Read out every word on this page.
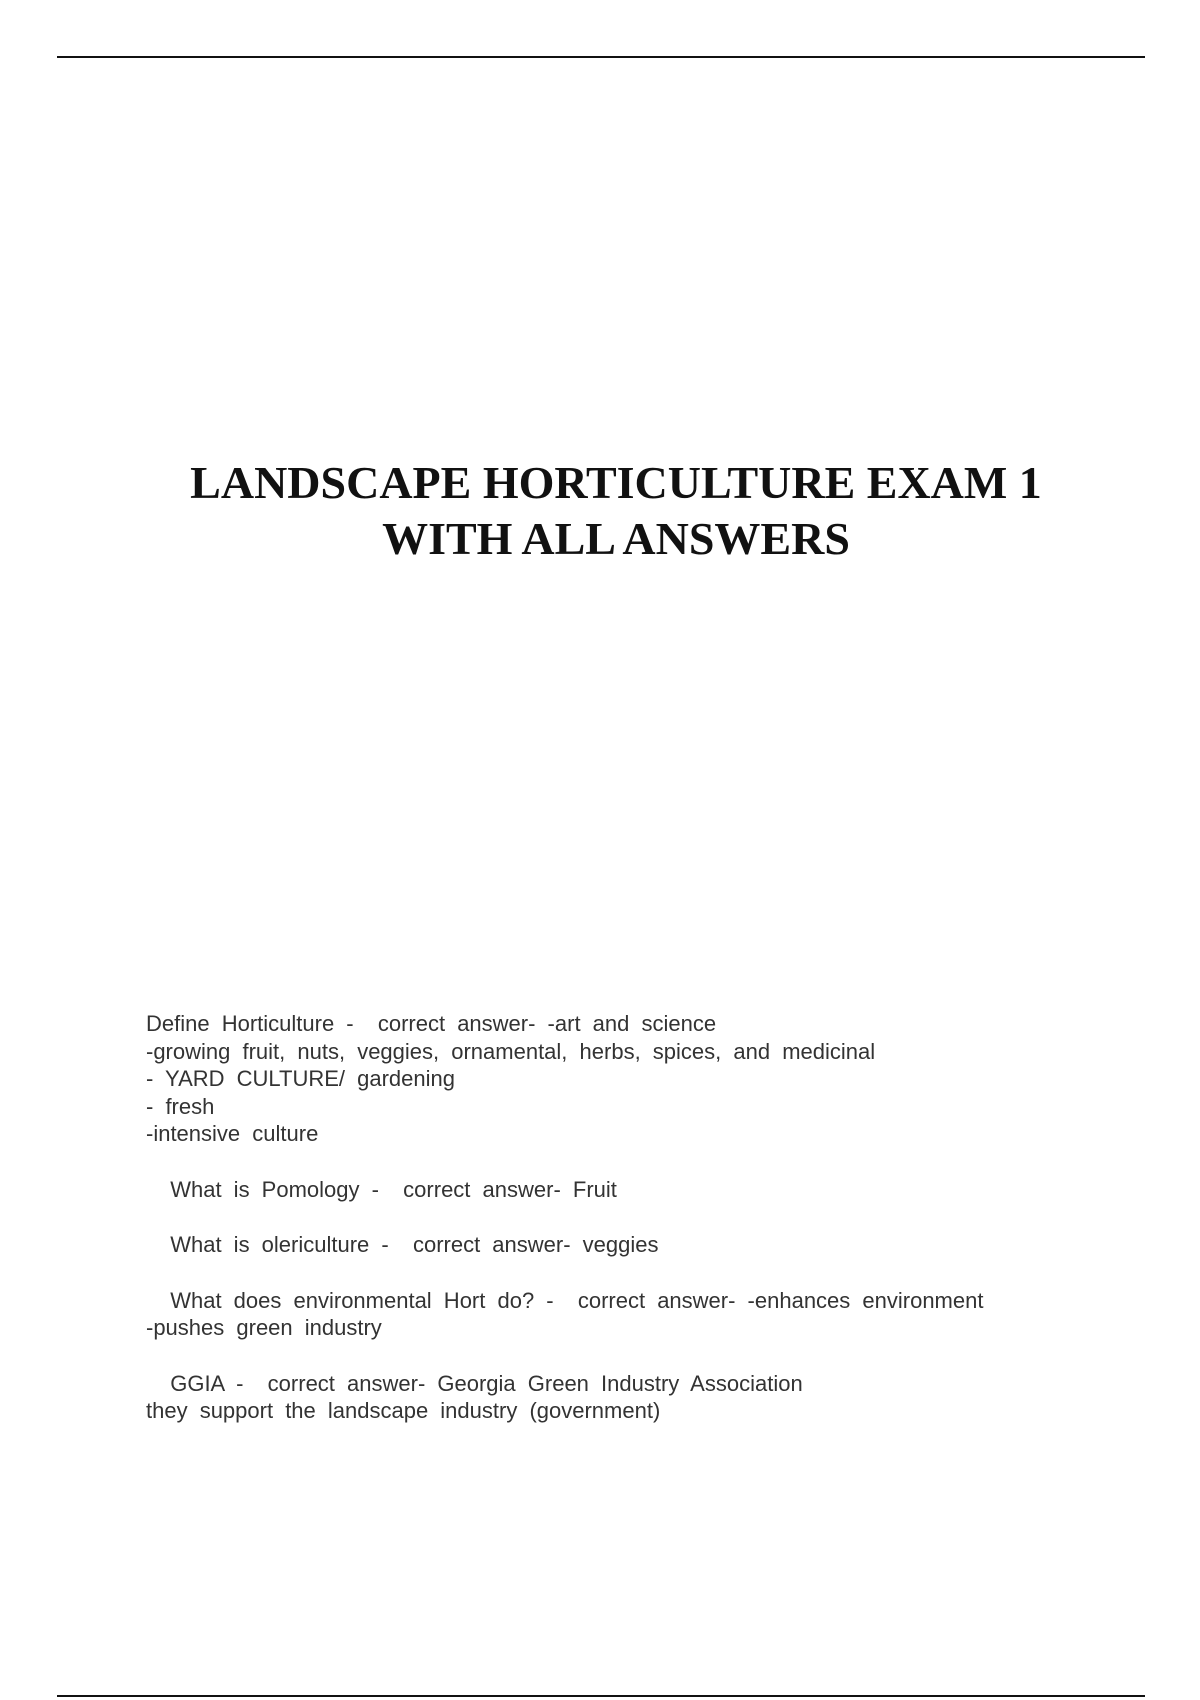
LANDSCAPE HORTICULTURE EXAM 1
WITH ALL ANSWERS
Define Horticulture -  correct answer- -art and science
-growing fruit, nuts, veggies, ornamental, herbs, spices, and medicinal
- YARD CULTURE/ gardening
- fresh
-intensive culture
What is Pomology -  correct answer- Fruit
What is olericulture -  correct answer- veggies
What does environmental Hort do? -  correct answer- -enhances environment
-pushes green industry
GGIA -  correct answer- Georgia Green Industry Association
they support the landscape industry (government)
